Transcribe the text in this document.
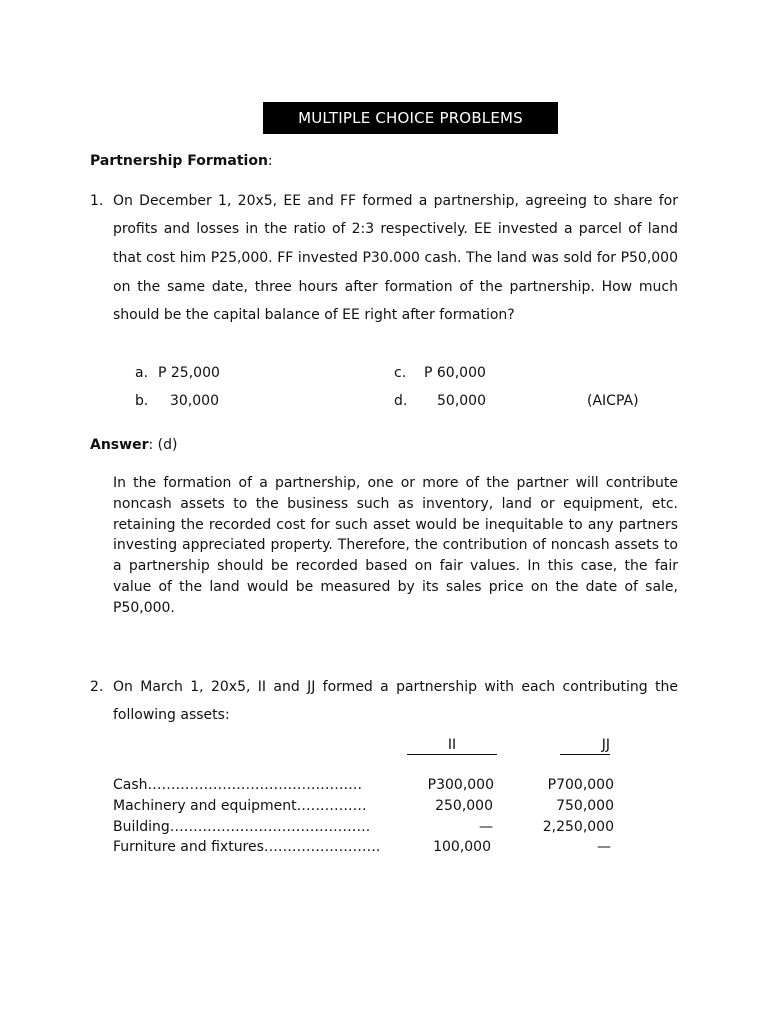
MULTIPLE CHOICE PROBLEMS
Partnership Formation:
1. On December 1, 20x5, EE and FF formed a partnership, agreeing to share for
profits and losses in the ratio of 2:3 respectively. EE invested a parcel of land
that cost him P25,000. FF invested P30.000 cash. The land was sold for P50,000
on the same date, three hours after formation of the partnership. How much
should be the capital balance of EE right after formation?
a. P 25,000
b. 30,000
c. P 60,000
d. 50,000	(AICPA)
Answer: (d)
In the formation of a partnership, one or more of the partner will contribute noncash assets to the business such as inventory, land or equipment, etc. retaining the recorded cost for such asset would be inequitable to any partners investing appreciated property. Therefore, the contribution of noncash assets to a partnership should be recorded based on fair values. In this case, the fair value of the land would be measured by its sales price on the date of sale, P50,000.
2. On March 1, 20x5, II and JJ formed a partnership with each contributing the
following assets:
II	JJ
Cash……………………………………….	P300,000	P700,000
Machinery and equipment……………	250,000	750,000
Building…………………………………….	—	2,250,000
Furniture and fixtures…………………….	100,000	—
